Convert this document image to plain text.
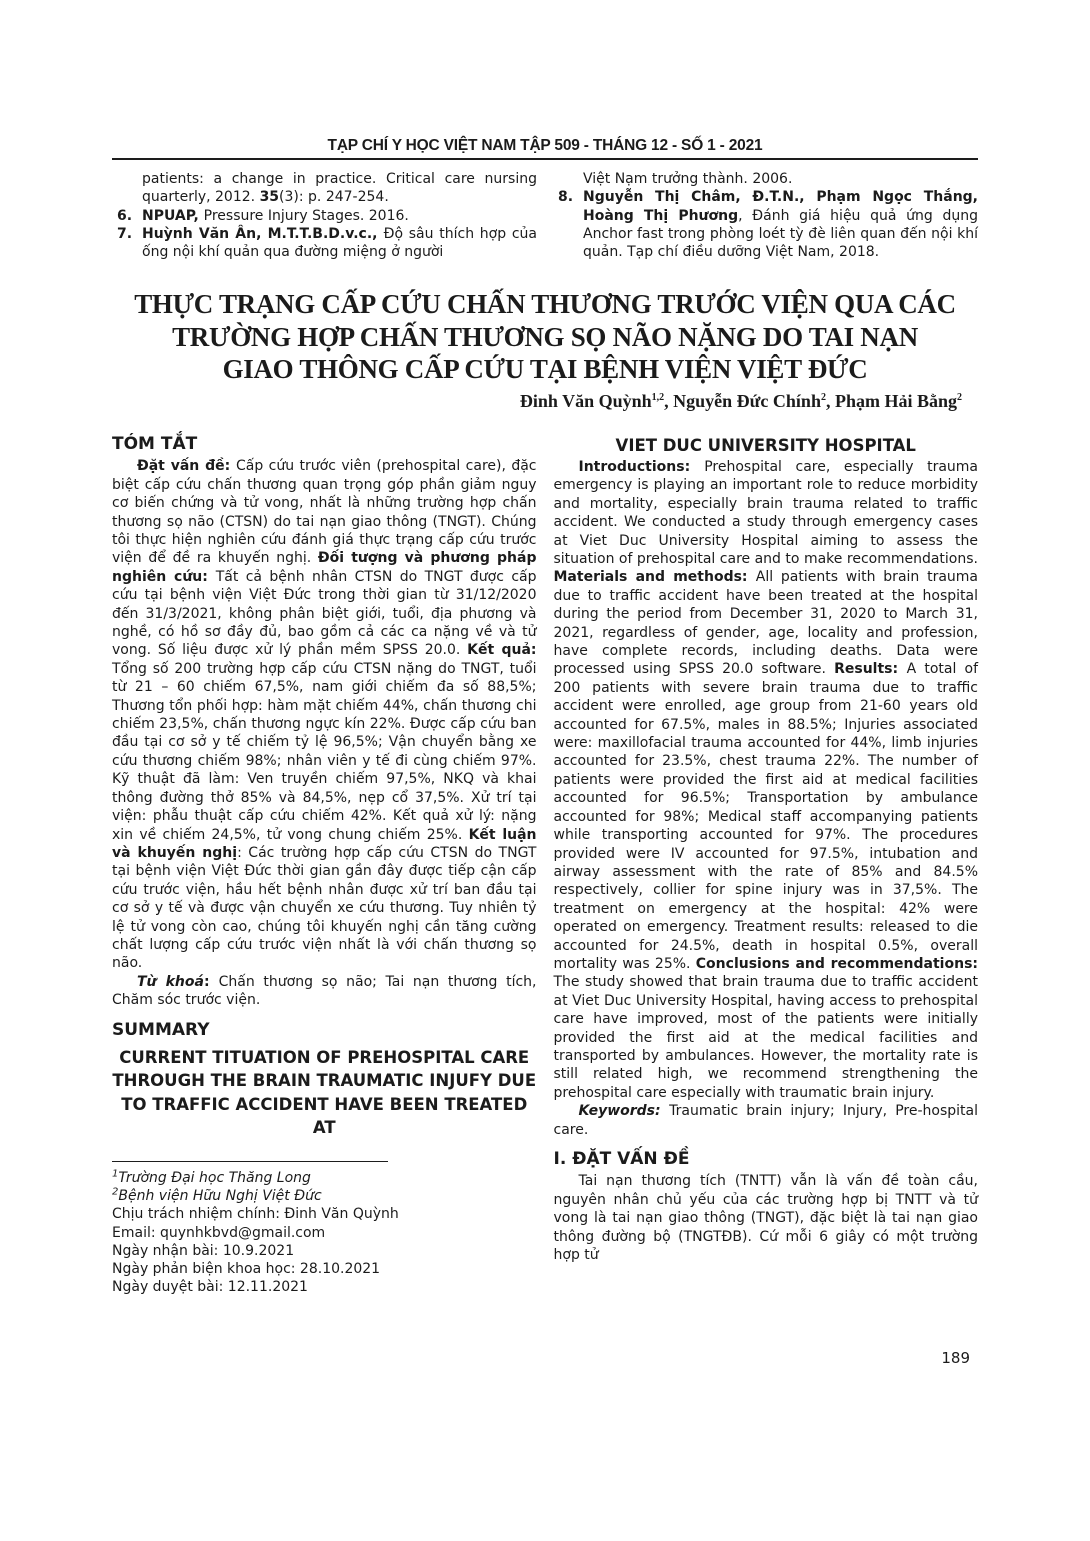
TẠP CHÍ Y HỌC VIỆT NAM TẬP 509 - THÁNG 12 - SỐ 1 - 2021
patients: a change in practice. Critical care nursing quarterly, 2012. 35(3): p. 247-254.
6. NPUAP, Pressure Injury Stages. 2016.
7. Huỳnh Văn Ân, M.T.T.B.D.v.c., Độ sâu thích hợp của ống nội khí quản qua đường miệng ở người
Việt Nạm trưởng thành. 2006.
8. Nguyễn Thị Châm, Đ.T.N., Phạm Ngọc Thắng, Hoàng Thị Phương, Đánh giá hiệu quả ứng dụng Anchor fast trong phòng loét tỳ đè liên quan đến nội khí quản. Tạp chí điều dưỡng Việt Nam, 2018.
THỰC TRẠNG CẤP CỨU CHẤN THƯƠNG TRƯỚC VIỆN QUA CÁC
TRƯỜNG HỢP CHẤN THƯƠNG SỌ NÃO NẶNG DO TAI NẠN
GIAO THÔNG CẤP CỨU TẠI BỆNH VIỆN VIỆT ĐỨC
Đinh Văn Quỳnh$^{1,2}$, Nguyễn Đức Chính$^2$, Phạm Hải Bằng$^2$
TÓM TẮT

Đặt vấn đề: Cấp cứu trước viên (prehospital care), đặc biệt cấp cứu chấn thương quan trọng góp phần giảm nguy cơ biến chứng và tử vong, nhất là những trường hợp chấn thương sọ não (CTSN) do tai nạn giao thông (TNGT). Chúng tôi thực hiện nghiên cứu đánh giá thực trạng cấp cứu trước viện để đề ra khuyến nghị. Đối tượng và phương pháp nghiên cứu: Tất cả bệnh nhân CTSN do TNGT được cấp cứu tại bệnh viện Việt Đức trong thời gian từ 31/12/2020 đến 31/3/2021, không phân biệt giới, tuổi, địa phương và nghề, có hồ sơ đầy đủ, bao gồm cả các ca nặng về và tử vong. Số liệu được xử lý phần mềm SPSS 20.0. Kết quả: Tổng số 200 trường hợp cấp cứu CTSN nặng do TNGT, tuổi từ 21 – 60 chiếm 67,5%, nam giới chiếm đa số 88,5%; Thương tổn phối hợp: hàm mặt chiếm 44%, chấn thương chi chiếm 23,5%, chấn thương ngực kín 22%. Được cấp cứu ban đầu tại cơ sở y tế chiếm tỷ lệ 96,5%; Vận chuyển bằng xe cứu thương chiếm 98%; nhân viên y tế đi cùng chiếm 97%. Kỹ thuật đã làm: Ven truyền chiếm 97,5%, NKQ và khai thông đường thở 85% và 84,5%, nẹp cổ 37,5%. Xử trí tại viện: phẫu thuật cấp cứu chiếm 42%. Kết quả xử lý: nặng xin về chiếm 24,5%, tử vong chung chiếm 25%. Kết luận và khuyến nghị: Các trường hợp cấp cứu CTSN do TNGT tại bệnh viện Việt Đức thời gian gần đây được tiếp cận cấp cứu trước viện, hầu hết bệnh nhân được xử trí ban đầu tại cơ sở y tế và được vận chuyển xe cứu thương. Tuy nhiên tỷ lệ tử vong còn cao, chúng tôi khuyến nghị cần tăng cường chất lượng cấp cứu trước viện nhất là với chấn thương sọ não.

Từ khoá: Chấn thương sọ não; Tai nạn thương tích, Chăm sóc trước viện.

SUMMARY
CURRENT TITUATION OF PREHOSPITAL CARE THROUGH THE BRAIN TRAUMATIC INJUFY DUE TO TRAFFIC ACCIDENT HAVE BEEN TREATED AT
$^1$Trường Đại học Thăng Long
$^2$Bệnh viện Hữu Nghị Việt Đức
Chịu trách nhiệm chính: Đinh Văn Quỳnh
Email: quynhkbvd@gmail.com
Ngày nhận bài: 10.9.2021
Ngày phản biện khoa học: 28.10.2021
Ngày duyệt bài: 12.11.2021
VIET DUC UNIVERSITY HOSPITAL

Introductions: Prehospital care, especially trauma emergency is playing an important role to reduce morbidity and mortality, especially brain trauma related to traffic accident. We conducted a study through emergency cases at Viet Duc University Hospital aiming to assess the situation of prehospital care and to make recommendations. Materials and methods: All patients with brain trauma due to traffic accident have been treated at the hospital during the period from December 31, 2020 to March 31, 2021, regardless of gender, age, locality and profession, have complete records, including deaths. Data were processed using SPSS 20.0 software. Results: A total of 200 patients with severe brain trauma due to traffic accident were enrolled, age group from 21-60 years old accounted for 67.5%, males in 88.5%; Injuries associated were: maxillofacial trauma accounted for 44%, limb injuries accounted for 23.5%, chest trauma 22%. The number of patients were provided the first aid at medical facilities accounted for 96.5%; Transportation by ambulance accounted for 98%; Medical staff accompanying patients while transporting accounted for 97%. The procedures provided were IV accounted for 97.5%, intubation and airway assessment with the rate of 85% and 84.5% respectively, collier for spine injury was in 37,5%. The treatment on emergency at the hospital: 42% were operated on emergency. Treatment results: released to die accounted for 24.5%, death in hospital 0.5%, overall mortality was 25%. Conclusions and recommendations: The study showed that brain trauma due to traffic accident at Viet Duc University Hospital, having access to prehospital care have improved, most of the patients were initially provided the first aid at the medical facilities and transported by ambulances. However, the mortality rate is still related high, we recommend strengthening the prehospital care especially with traumatic brain injury.

Keywords: Traumatic brain injury; Injury, Pre-hospital care.

I. ĐẶT VẤN ĐỀ

Tai nạn thương tích (TNTT) vẫn là vấn đề toàn cầu, nguyên nhân chủ yếu của các trường hợp bị TNTT và tử vong là tai nạn giao thông (TNGT), đặc biệt là tai nạn giao thông đường bộ (TNGTĐB). Cứ mỗi 6 giây có một trường hợp tử

189
